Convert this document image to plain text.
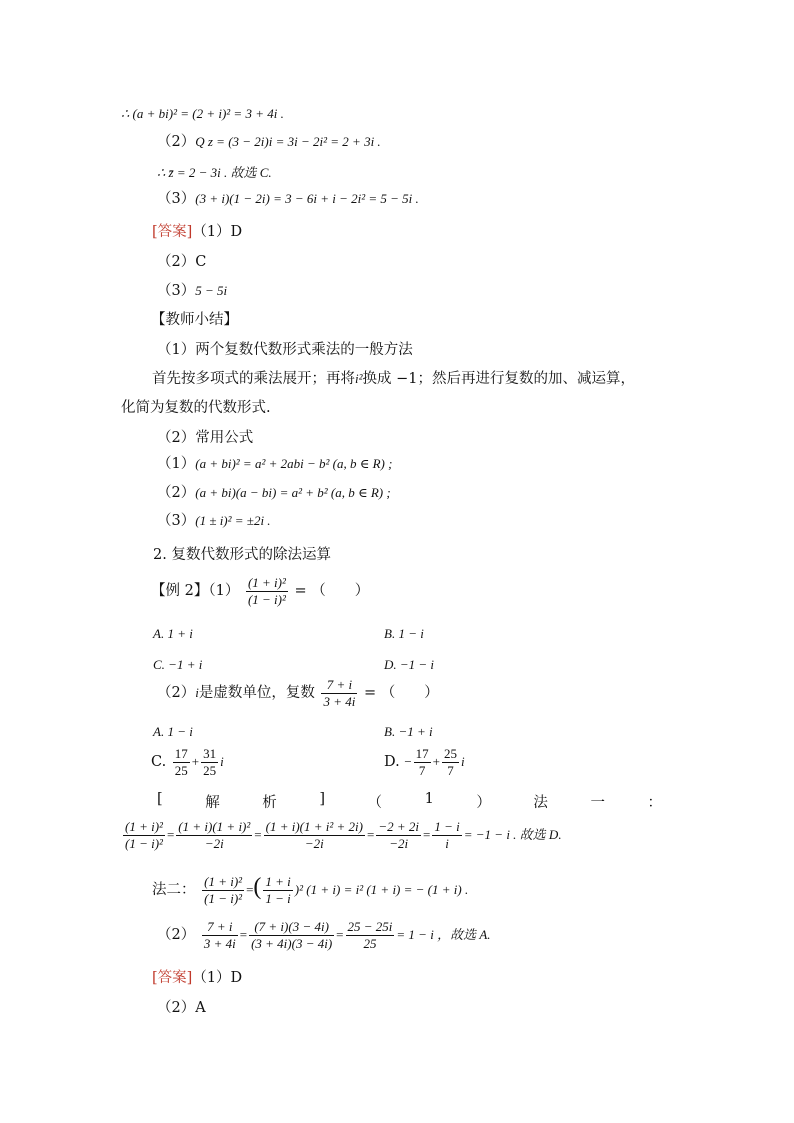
∴ (a + bi)² = (2 + i)² = 3 + 4i .
（2）Q z = (3 − 2i)i = 3i − 2i² = 2 + 3i .
∴ z̄ = 2 − 3i . 故选 C.
（3）(3 + i)(1 − 2i) = 3 − 6i + i − 2i² = 5 − 5i .
[答案]（1）D
（2）C
（3）5 − 5i
【教师小结】
（1）两个复数代数形式乘法的一般方法
首先按多项式的乘法展开；再将i²换成 −1；然后再进行复数的加、减运算，
化简为复数的代数形式.
（2）常用公式
（1）(a + bi)² = a² + 2abi − b² (a, b ∈ R) ;
（2）(a + bi)(a − bi) = a² + b² (a, b ∈ R) ;
（3）(1 ± i)² = ±2i .
2. 复数代数形式的除法运算
【例 2】$(1) \frac{\text{(1 + i)²}}{\text{(1 − i)²}}$ = （　　）
A. 1 + i	B. 1 − i
C. −1 + i	D. −1 − i
（2）i是虚数单位，复数 $\frac{7 + i}{3 + 4i}$ = （　　）
A. 1 − i	B. −1 + i
C. $\frac{17}{25} + \frac{31}{25}$ i	D. − $\frac{17}{7} + \frac{25}{7}$ i
[	解	析	]	（	1	）	法	一	：
$\frac{\text{(1 + i)²}}{\text{(1 − i)²}} = \frac{\text{(1 + i)(1 + i)²}}{-2i} = \frac{\text{(1 + i)(1 + i² + 2i)}}{-2i} = \frac{-2 + 2i}{-2i} = \frac{1 - i}{i} = -1 - i$ . 故选 D.
法二： $\frac{\text{(1 + i)²}}{\text{(1 − i)²}}$ =( $\frac{1 + i}{1 - i} )^2$ (1 + i) = i² (1 + i) = − (1 + i) .
$(2) \frac{7 + i}{3 + 4i} = \frac{(7 + i)(3 - 4i)}{(3 + 4i)(3 - 4i)} = \frac{25 - 25i}{25} = 1 - i$ ，故选 A.
[答案]（1）D
（2）A
